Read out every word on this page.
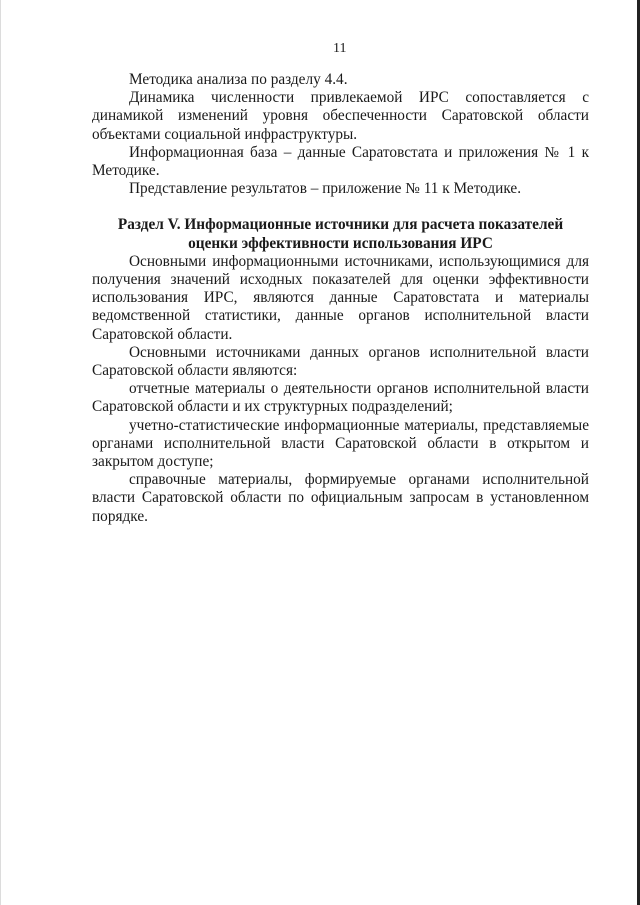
11

Методика анализа по разделу 4.4.

Динамика численности привлекаемой ИРС сопоставляется с динамикой изменений уровня обеспеченности Саратовской области объектами социальной инфраструктуры.

Информационная база – данные Саратовстата и приложения № 1 к Методике.

Представление результатов – приложение № 11 к Методике.

Раздел V. Информационные источники для расчета показателей оценки эффективности использования ИРС

Основными информационными источниками, использующимися для получения значений исходных показателей для оценки эффективности использования ИРС, являются данные Саратовстата и материалы ведомственной статистики, данные органов исполнительной власти Саратовской области.

Основными источниками данных органов исполнительной власти Саратовской области являются:

отчетные материалы о деятельности органов исполнительной власти Саратовской области и их структурных подразделений;

учетно-статистические информационные материалы, представляемые органами исполнительной власти Саратовской области в открытом и закрытом доступе;

справочные материалы, формируемые органами исполнительной власти Саратовской области по официальным запросам в установленном порядке.
